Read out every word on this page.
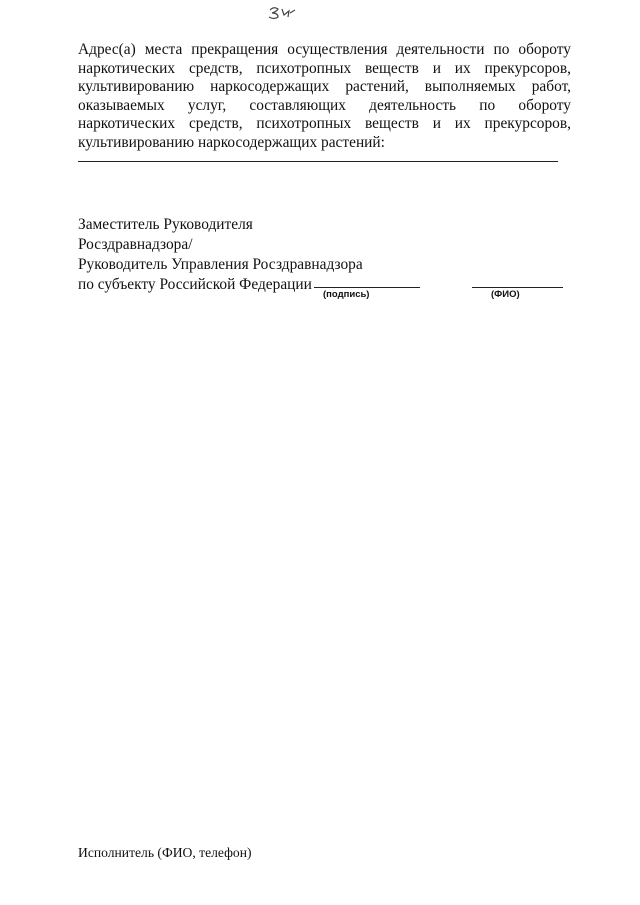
Адрес(а) места прекращения осуществления деятельности по обороту наркотических средств, психотропных веществ и их прекурсоров, культивированию наркосодержащих растений, выполняемых работ, оказываемых услуг, составляющих деятельность по обороту наркотических средств, психотропных веществ и их прекурсоров, культивированию наркосодержащих растений:

Заместитель Руководителя
Росздравнадзора/
Руководитель Управления Росздравнадзора
по субъекту Российской Федерации
(подпись)	(ФИО)
Исполнитель (ФИО, телефон)
